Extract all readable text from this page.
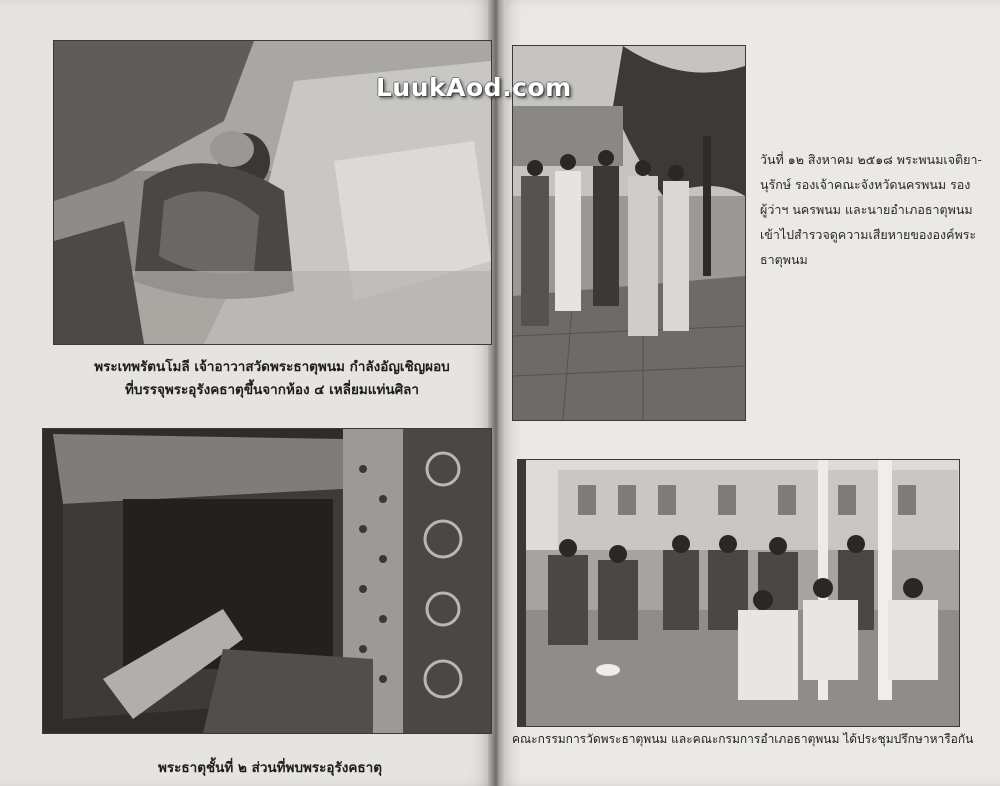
พระเทพรัตนโมลี เจ้าอาวาสวัดพระธาตุพนม กำลังอัญเชิญผอบ
ที่บรรจุพระอุรังคธาตุขึ้นจากห้อง ๔ เหลี่ยมแท่นศิลา
พระธาตุชั้นที่ ๒ ส่วนที่พบพระอุรังคธาตุ
วันที่ ๑๒ สิงหาคม ๒๕๑๘ พระพนมเจติยา-
นุรักษ์ รองเจ้าคณะจังหวัดนครพนม รอง
ผู้ว่าฯ นครพนม และนายอำเภอธาตุพนม
เข้าไปสำรวจดูความเสียหายขององค์พระ
ธาตุพนม
คณะกรรมการวัดพระธาตุพนม และคณะกรมการอำเภอธาตุพนม ได้ประชุมปรึกษาหารือกัน
LuukAod.com
